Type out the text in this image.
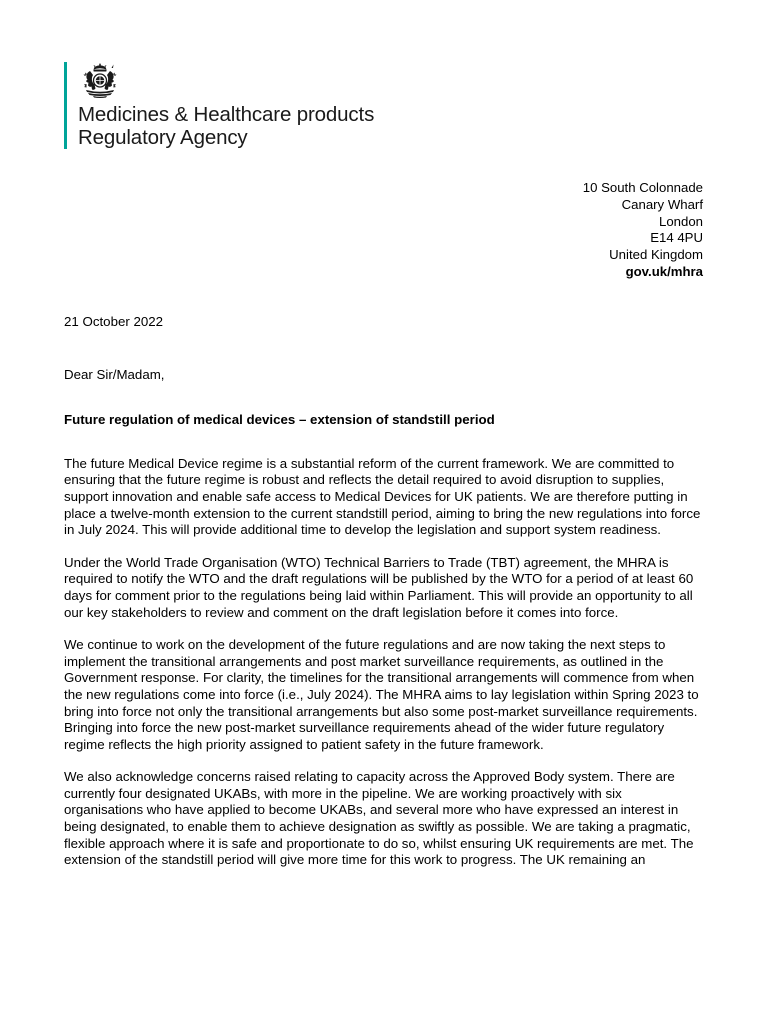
Medicines & Healthcare products
Regulatory Agency
10 South Colonnade
Canary Wharf
London
E14 4PU
United Kingdom
gov.uk/mhra

21 October 2022

Dear Sir/Madam,

Future regulation of medical devices – extension of standstill period

The future Medical Device regime is a substantial reform of the current framework. We are committed to ensuring that the future regime is robust and reflects the detail required to avoid disruption to supplies, support innovation and enable safe access to Medical Devices for UK patients. We are therefore putting in place a twelve-month extension to the current standstill period, aiming to bring the new regulations into force in July 2024. This will provide additional time to develop the legislation and support system readiness.

Under the World Trade Organisation (WTO) Technical Barriers to Trade (TBT) agreement, the MHRA is required to notify the WTO and the draft regulations will be published by the WTO for a period of at least 60 days for comment prior to the regulations being laid within Parliament. This will provide an opportunity to all our key stakeholders to review and comment on the draft legislation before it comes into force.

We continue to work on the development of the future regulations and are now taking the next steps to implement the transitional arrangements and post market surveillance requirements, as outlined in the Government response. For clarity, the timelines for the transitional arrangements will commence from when the new regulations come into force (i.e., July 2024). The MHRA aims to lay legislation within Spring 2023 to bring into force not only the transitional arrangements but also some post-market surveillance requirements. Bringing into force the new post-market surveillance requirements ahead of the wider future regulatory regime reflects the high priority assigned to patient safety in the future framework.

We also acknowledge concerns raised relating to capacity across the Approved Body system. There are currently four designated UKABs, with more in the pipeline. We are working proactively with six organisations who have applied to become UKABs, and several more who have expressed an interest in being designated, to enable them to achieve designation as swiftly as possible. We are taking a pragmatic, flexible approach where it is safe and proportionate to do so, whilst ensuring UK requirements are met. The extension of the standstill period will give more time for this work to progress. The UK remaining an
